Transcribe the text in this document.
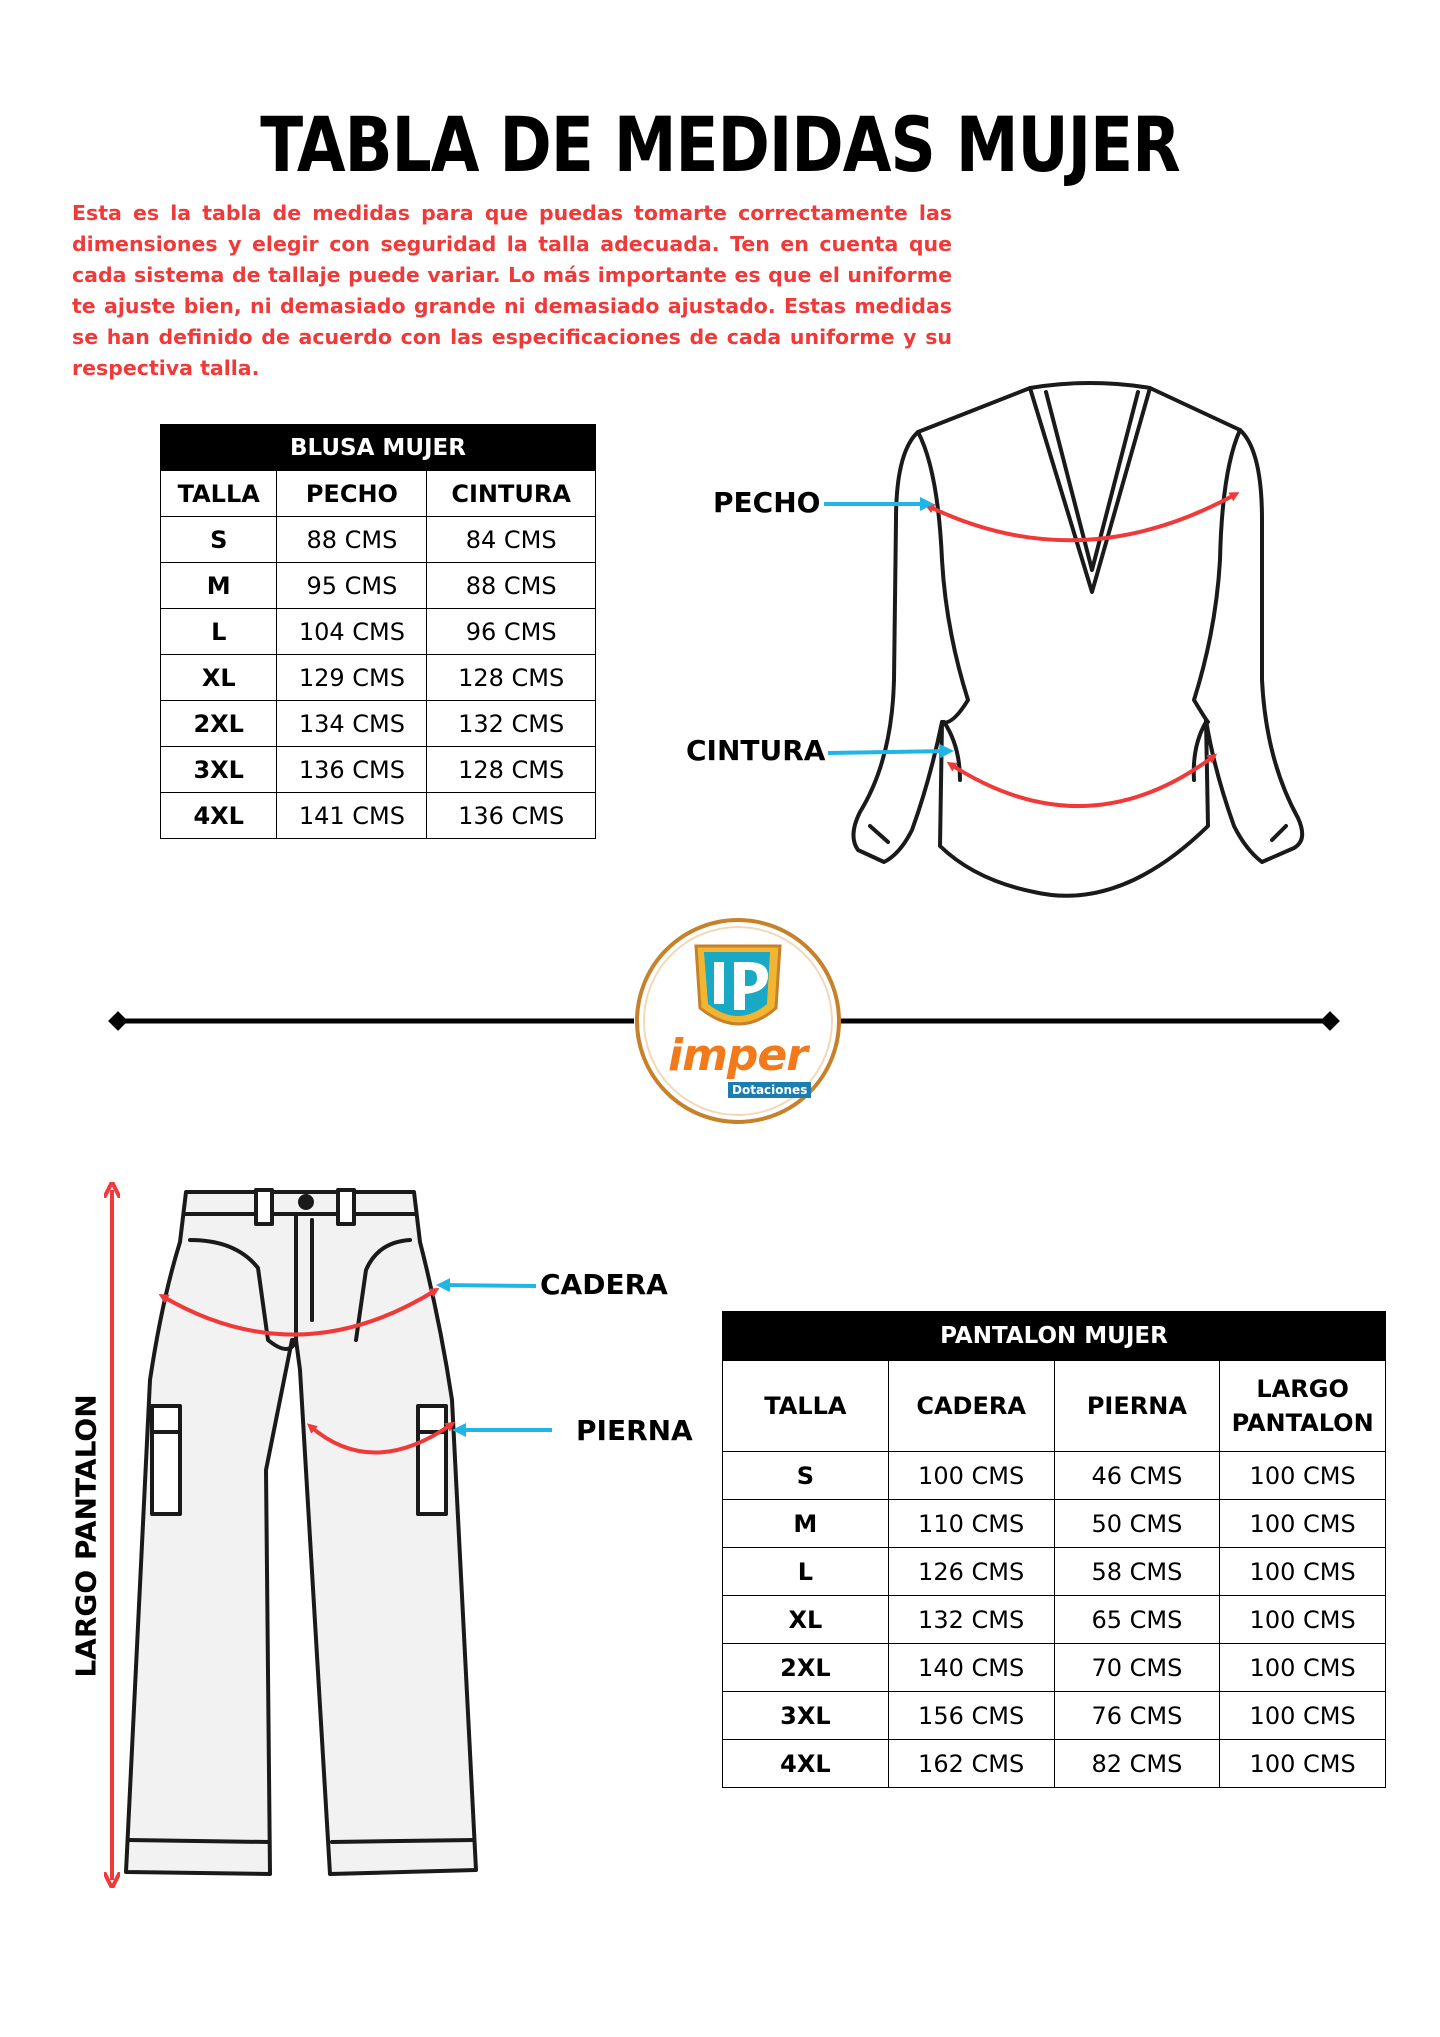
TABLA DE MEDIDAS MUJER

Esta es la tabla de medidas para que puedas tomarte correctamente las dimensiones y elegir con seguridad la talla adecuada. Ten en cuenta que cada sistema de tallaje puede variar. Lo más importante es que el uniforme te ajuste bien, ni demasiado grande ni demasiado ajustado. Estas medidas se han definido de acuerdo con las especificaciones de cada uniforme y su respectiva talla.

BLUSA MUJER		
TALLA	PECHO	CINTURA
S	88 CMS	84 CMS
M	95 CMS	88 CMS
L	104 CMS	96 CMS
XL	129 CMS	128 CMS
2XL	134 CMS	132 CMS
3XL	136 CMS	128 CMS
4XL	141 CMS	136 CMS
PANTALON MUJER			
TALLA	CADERA	PIERNA	LARGO PANTALON
S	100 CMS	46 CMS	100 CMS
M	110 CMS	50 CMS	100 CMS
L	126 CMS	58 CMS	100 CMS
XL	132 CMS	65 CMS	100 CMS
2XL	140 CMS	70 CMS	100 CMS
3XL	156 CMS	76 CMS	100 CMS
4XL	162 CMS	82 CMS	100 CMS
imper
Dotaciones
PECHO
CINTURA
CADERA
PIERNA
LARGO PANTALON
